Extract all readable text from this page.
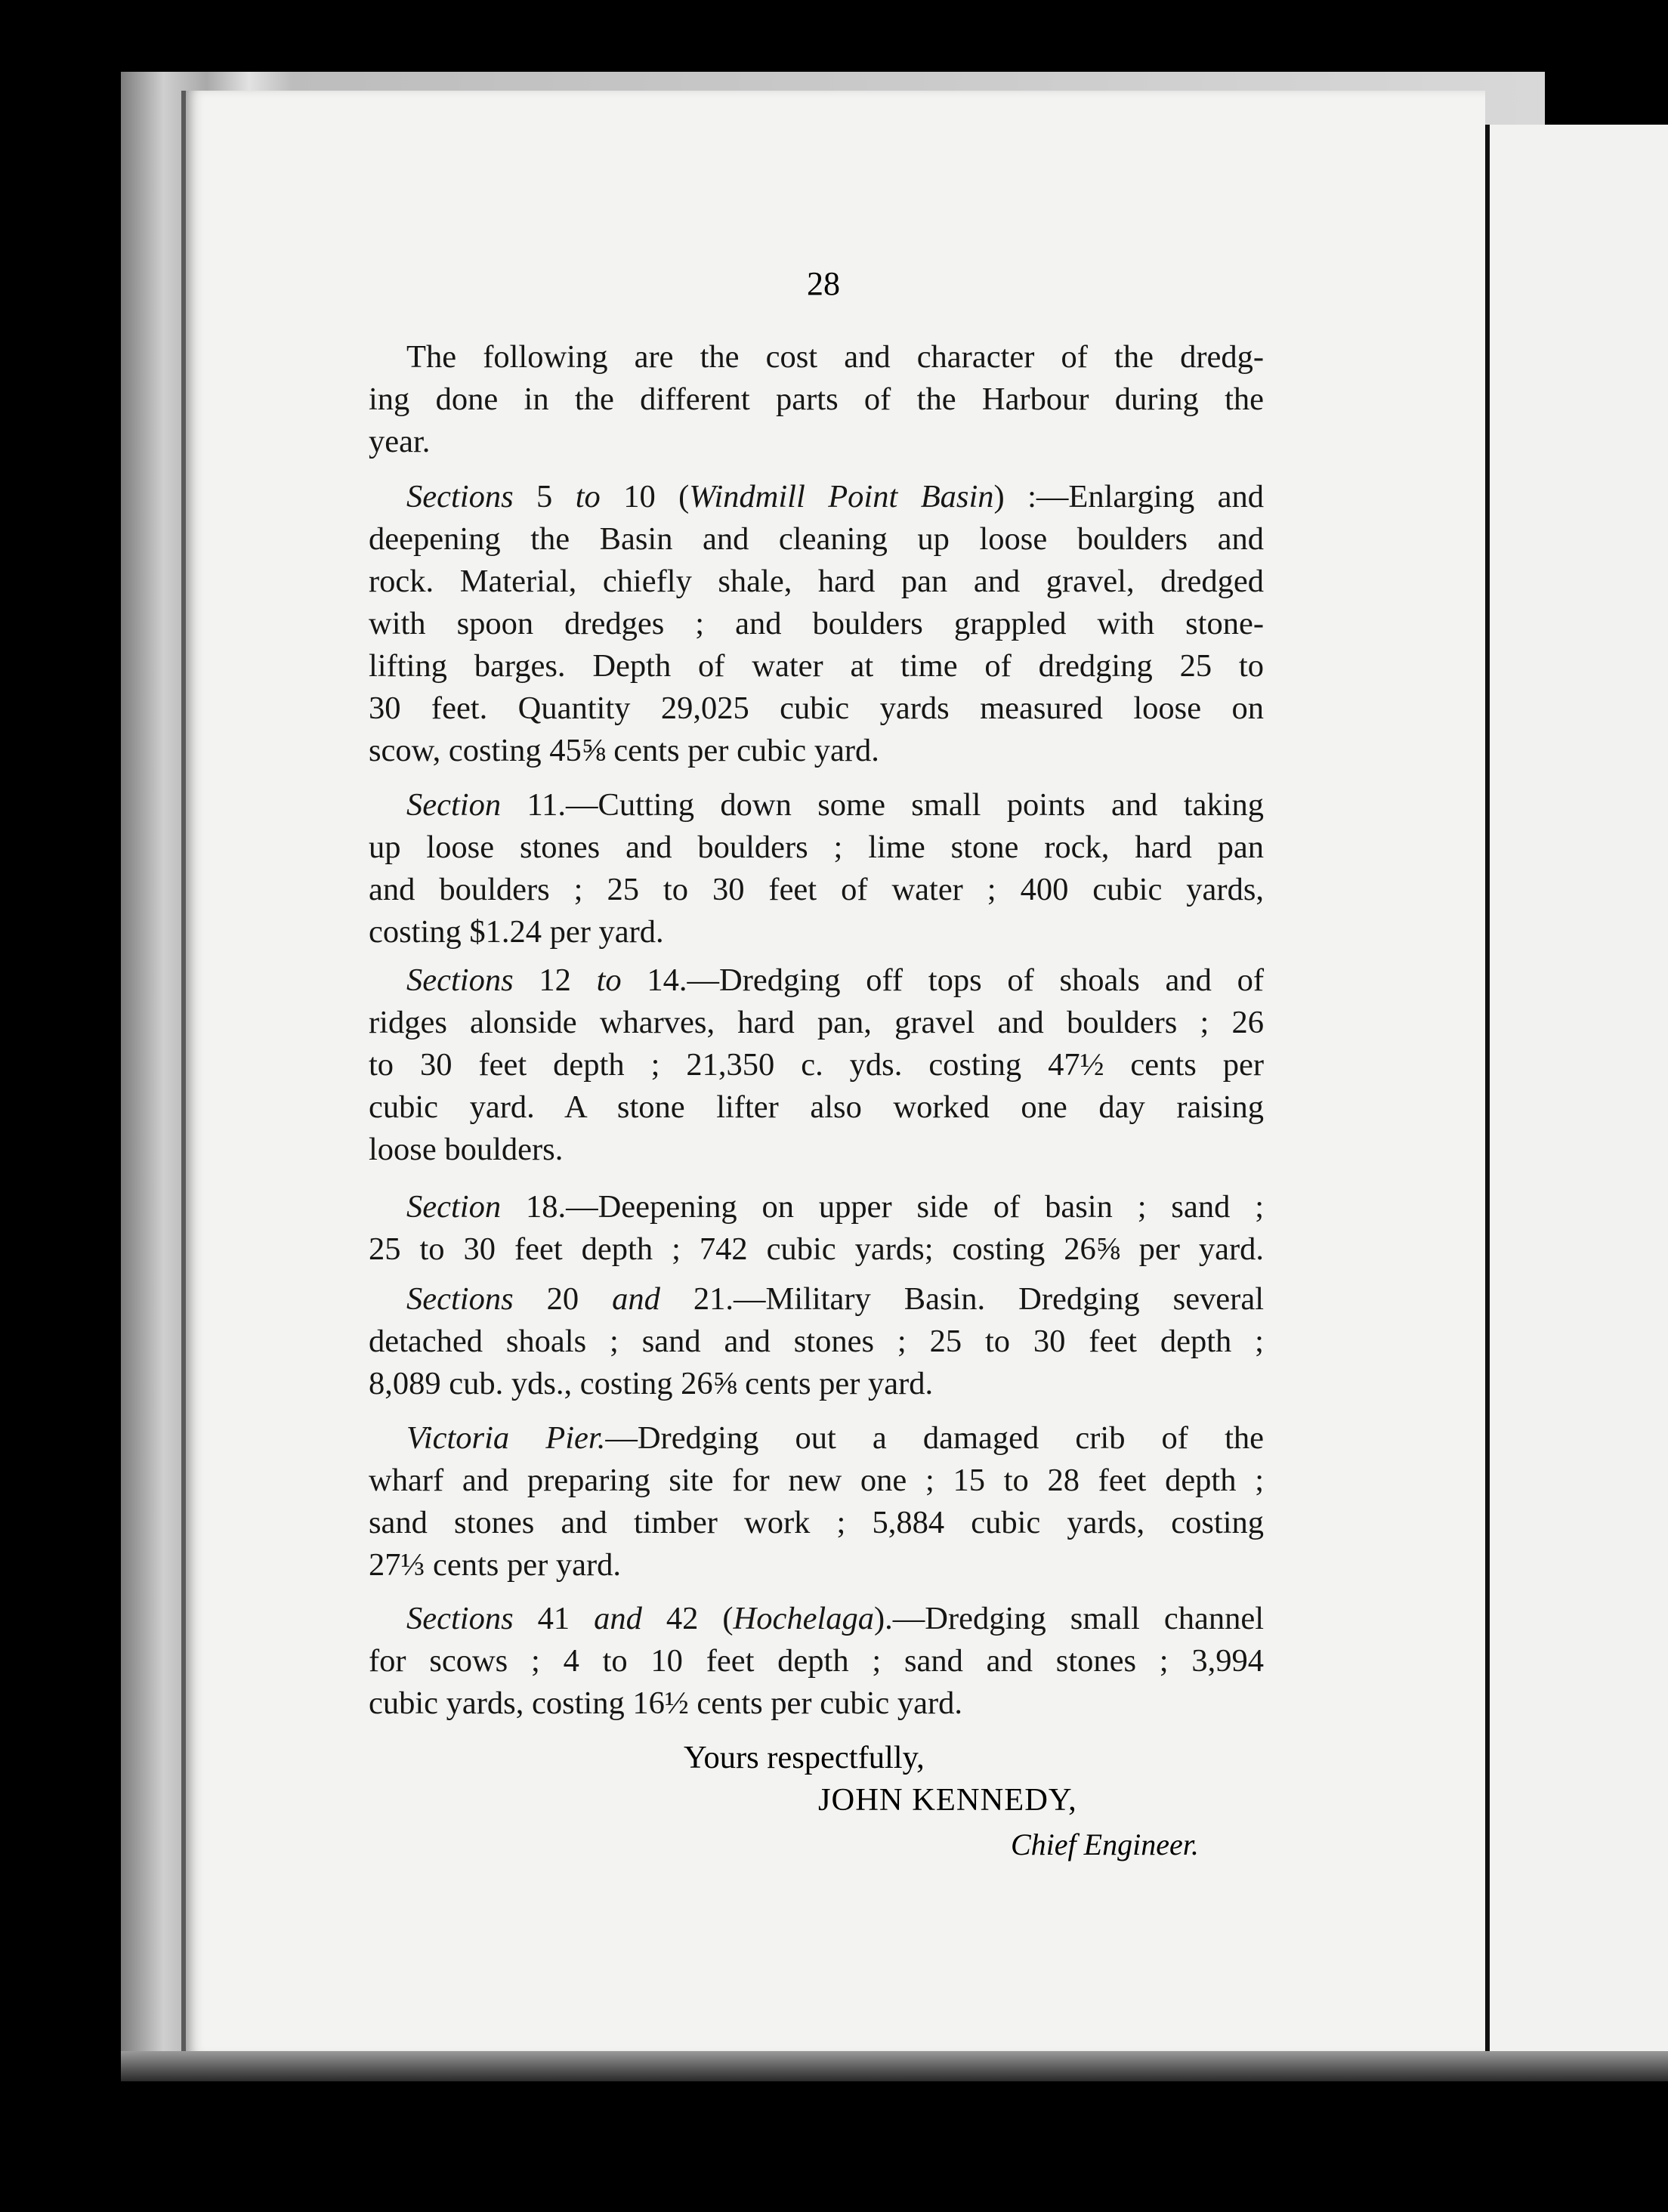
28
The following are the cost and character of the dredg-
ing done in the different parts of the Harbour during the
year.
Sections 5 to 10 (Windmill Point Basin) :—Enlarging and
deepening the Basin and cleaning up loose boulders and
rock. Material, chiefly shale, hard pan and gravel, dredged
with spoon dredges ; and boulders grappled with stone-
lifting barges. Depth of water at time of dredging 25 to
30 feet. Quantity 29,025 cubic yards measured loose on
scow, costing 45⅝ cents per cubic yard.
Section 11.—Cutting down some small points and taking
up loose stones and boulders ; lime stone rock, hard pan
and boulders ; 25 to 30 feet of water ; 400 cubic yards,
costing $1.24 per yard.
Sections 12 to 14.—Dredging off tops of shoals and of
ridges alonside wharves, hard pan, gravel and boulders ; 26
to 30 feet depth ; 21,350 c. yds. costing 47½ cents per
cubic yard. A stone lifter also worked one day raising
loose boulders.
Section 18.—Deepening on upper side of basin ; sand ;
25 to 30 feet depth ; 742 cubic yards; costing 26⅝ per yard.
Sections 20 and 21.—Military Basin. Dredging several
detached shoals ; sand and stones ; 25 to 30 feet depth ;
8,089 cub. yds., costing 26⅝ cents per yard.
Victoria Pier.—Dredging out a damaged crib of the
wharf and preparing site for new one ; 15 to 28 feet depth ;
sand stones and timber work ; 5,884 cubic yards, costing
27⅓ cents per yard.
Sections 41 and 42 (Hochelaga).—Dredging small channel
for scows ; 4 to 10 feet depth ; sand and stones ; 3,994
cubic yards, costing 16½ cents per cubic yard.
Yours respectfully,
JOHN KENNEDY,
Chief Engineer.
